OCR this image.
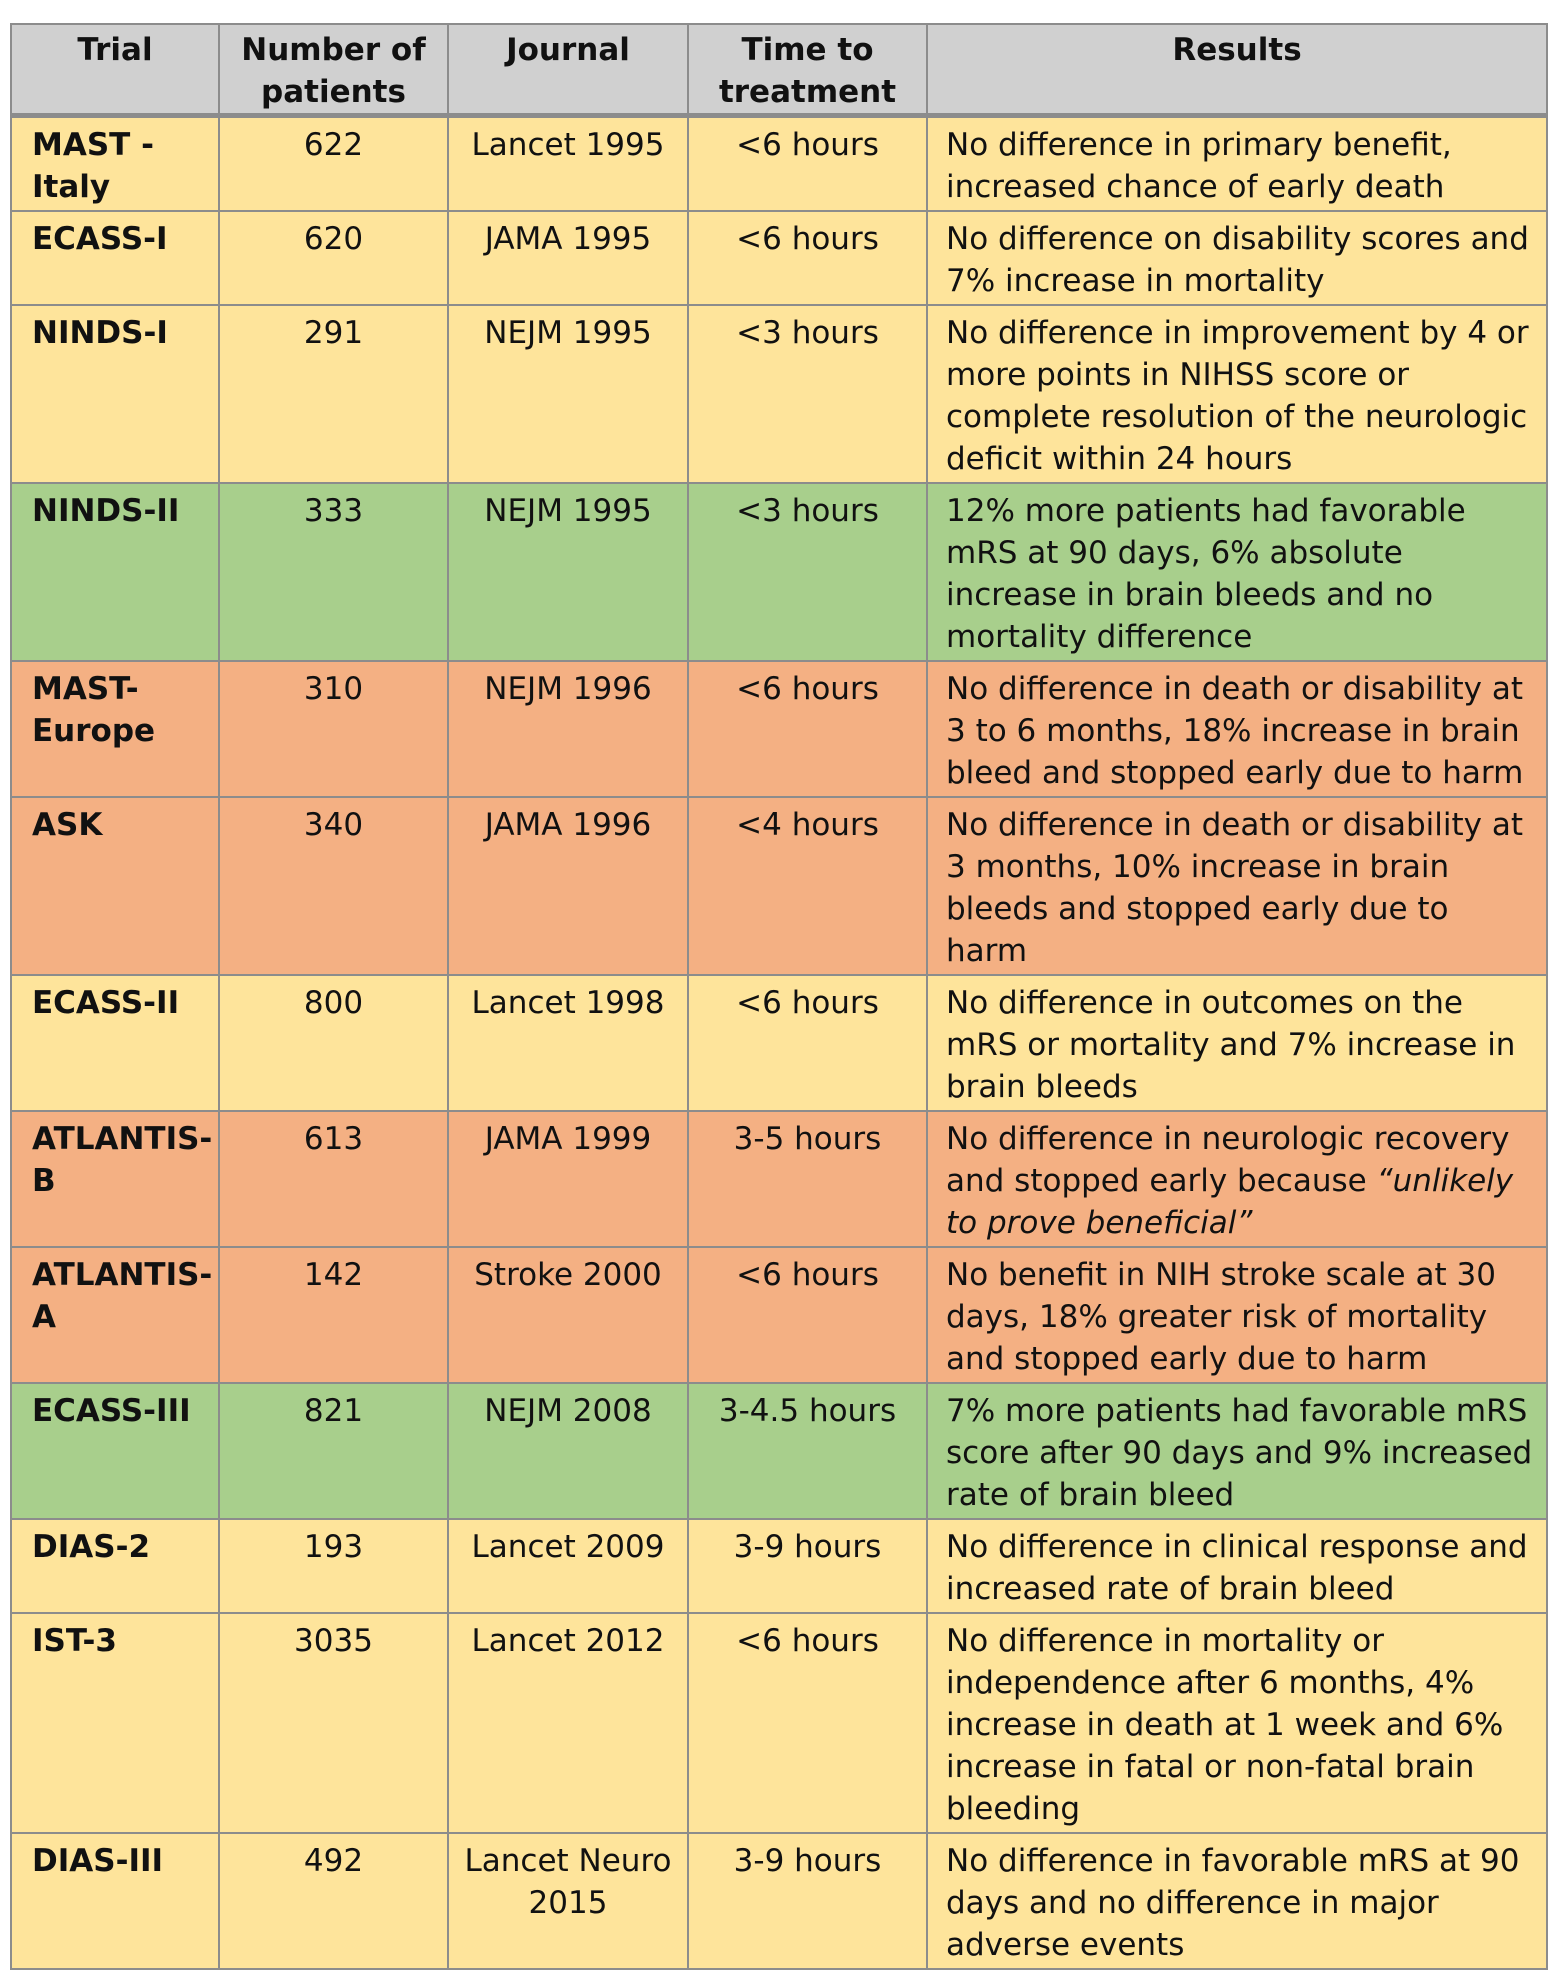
Trial	Number of patients	Journal	Time to treatment	Results
MAST - Italy	622	Lancet 1995	<6 hours	No difference in primary benefit, increased chance of early death
ECASS-I	620	JAMA 1995	<6 hours	No difference on disability scores and 7% increase in mortality
NINDS-I	291	NEJM 1995	<3 hours	No difference in improvement by 4 or more points in NIHSS score or complete resolution of the neurologic deficit within 24 hours
NINDS-II	333	NEJM 1995	<3 hours	12% more patients had favorable mRS at 90 days, 6% absolute increase in brain bleeds and no mortality difference
MAST-Europe	310	NEJM 1996	<6 hours	No difference in death or disability at 3 to 6 months, 18% increase in brain bleed and stopped early due to harm
ASK	340	JAMA 1996	<4 hours	No difference in death or disability at 3 months, 10% increase in brain bleeds and stopped early due to harm
ECASS-II	800	Lancet 1998	<6 hours	No difference in outcomes on the mRS or mortality and 7% increase in brain bleeds
ATLANTIS-B	613	JAMA 1999	3-5 hours	No difference in neurologic recovery and stopped early because “unlikely to prove beneficial”
ATLANTIS-A	142	Stroke 2000	<6 hours	No benefit in NIH stroke scale at 30 days, 18% greater risk of mortality and stopped early due to harm
ECASS-III	821	NEJM 2008	3-4.5 hours	7% more patients had favorable mRS score after 90 days and 9% increased rate of brain bleed
DIAS-2	193	Lancet 2009	3-9 hours	No difference in clinical response and increased rate of brain bleed
IST-3	3035	Lancet 2012	<6 hours	No difference in mortality or independence after 6 months, 4% increase in death at 1 week and 6% increase in fatal or non-fatal brain bleeding
DIAS-III	492	Lancet Neuro 2015	3-9 hours	No difference in favorable mRS at 90 days and no difference in major adverse events
